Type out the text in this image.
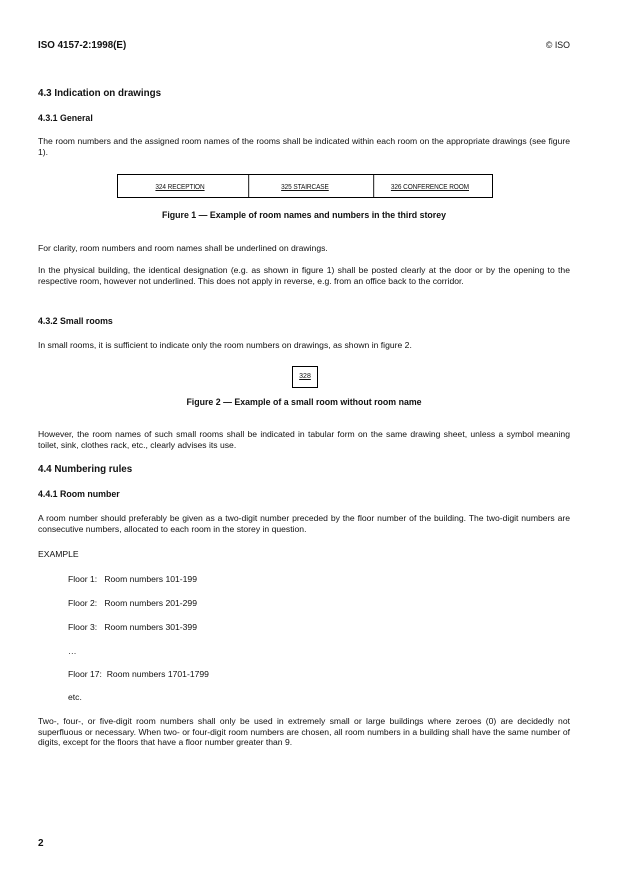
ISO 4157-2:1998(E)	© ISO
4.3 Indication on drawings
4.3.1 General
The room numbers and the assigned room names of the rooms shall be indicated within each room on the appropriate drawings (see figure 1).
324 RECEPTION	325 STAIRCASE	326 CONFERENCE ROOM
Figure 1 — Example of room names and numbers in the third storey
For clarity, room numbers and room names shall be underlined on drawings.
In the physical building, the identical designation (e.g. as shown in figure 1) shall be posted clearly at the door or by the opening to the respective room, however not underlined. This does not apply in reverse, e.g. from an office back to the corridor.
4.3.2 Small rooms
In small rooms, it is sufficient to indicate only the room numbers on drawings, as shown in figure 2.
328
Figure 2 — Example of a small room without room name
However, the room names of such small rooms shall be indicated in tabular form on the same drawing sheet, unless a symbol meaning toilet, sink, clothes rack, etc., clearly advises its use.
4.4 Numbering rules
4.4.1 Room number
A room number should preferably be given as a two-digit number preceded by the floor number of the building. The two-digit numbers are consecutive numbers, allocated to each room in the storey in question.
EXAMPLE
Floor 1: Room numbers 101-199
Floor 2: Room numbers 201-299
Floor 3: Room numbers 301-399
…
Floor 17: Room numbers 1701-1799
etc.
Two-, four-, or five-digit room numbers shall only be used in extremely small or large buildings where zeroes (0) are decidedly not superfluous or necessary. When two- or four-digit room numbers are chosen, all room numbers in a building shall have the same number of digits, except for the floors that have a floor number greater than 9.
2
